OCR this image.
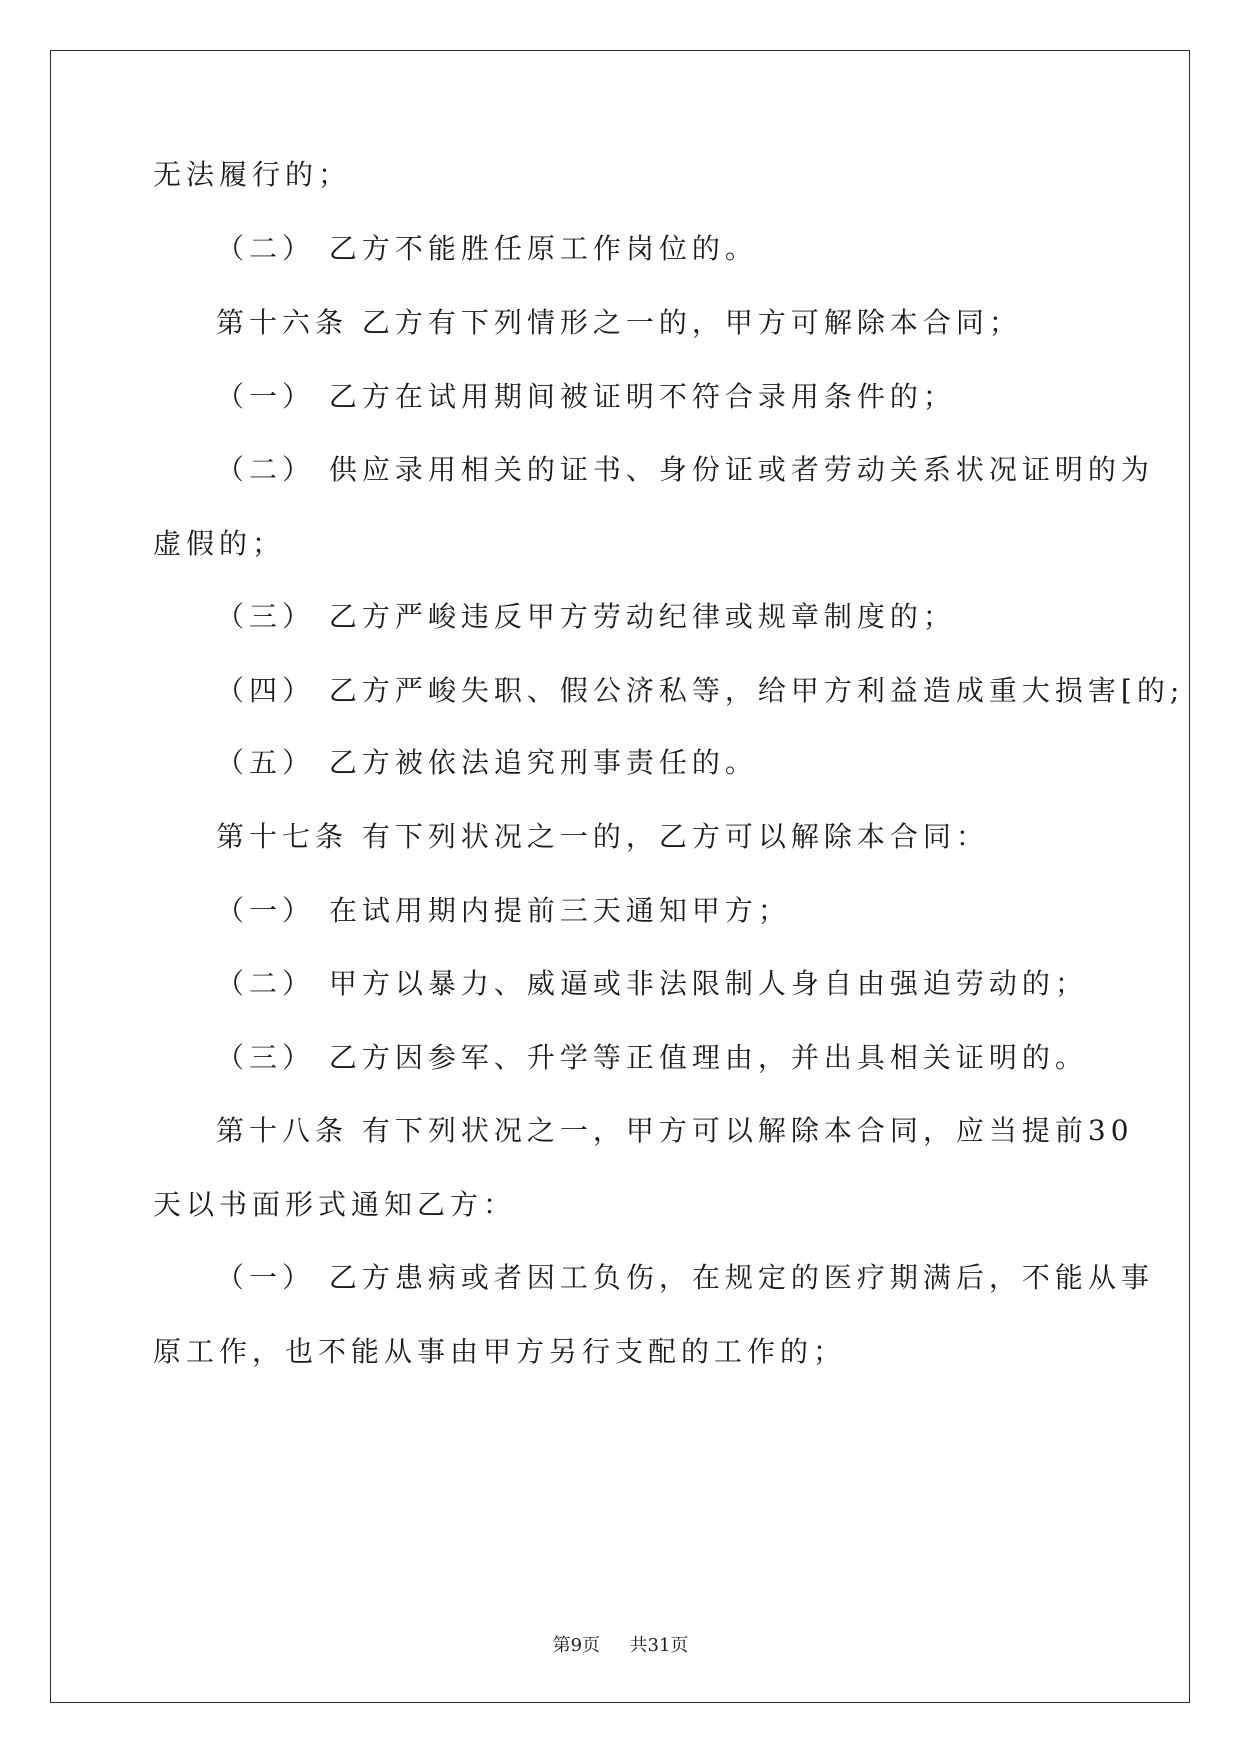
无法履行的；
（二） 乙方不能胜任原工作岗位的。
第十六条 乙方有下列情形之一的，甲方可解除本合同；
（一） 乙方在试用期间被证明不符合录用条件的；
（二） 供应录用相关的证书、身份证或者劳动关系状况证明的为
虚假的；
（三） 乙方严峻违反甲方劳动纪律或规章制度的；
（四） 乙方严峻失职、假公济私等，给甲方利益造成重大损害[的;
（五） 乙方被依法追究刑事责任的。
第十七条 有下列状况之一的，乙方可以解除本合同：
（一） 在试用期内提前三天通知甲方；
（二） 甲方以暴力、威逼或非法限制人身自由强迫劳动的；
（三） 乙方因参军、升学等正值理由，并出具相关证明的。
第十八条 有下列状况之一，甲方可以解除本合同，应当提前30
天以书面形式通知乙方：
（一） 乙方患病或者因工负伤，在规定的医疗期满后，不能从事
原工作，也不能从事由甲方另行支配的工作的；
第9页 共31页
